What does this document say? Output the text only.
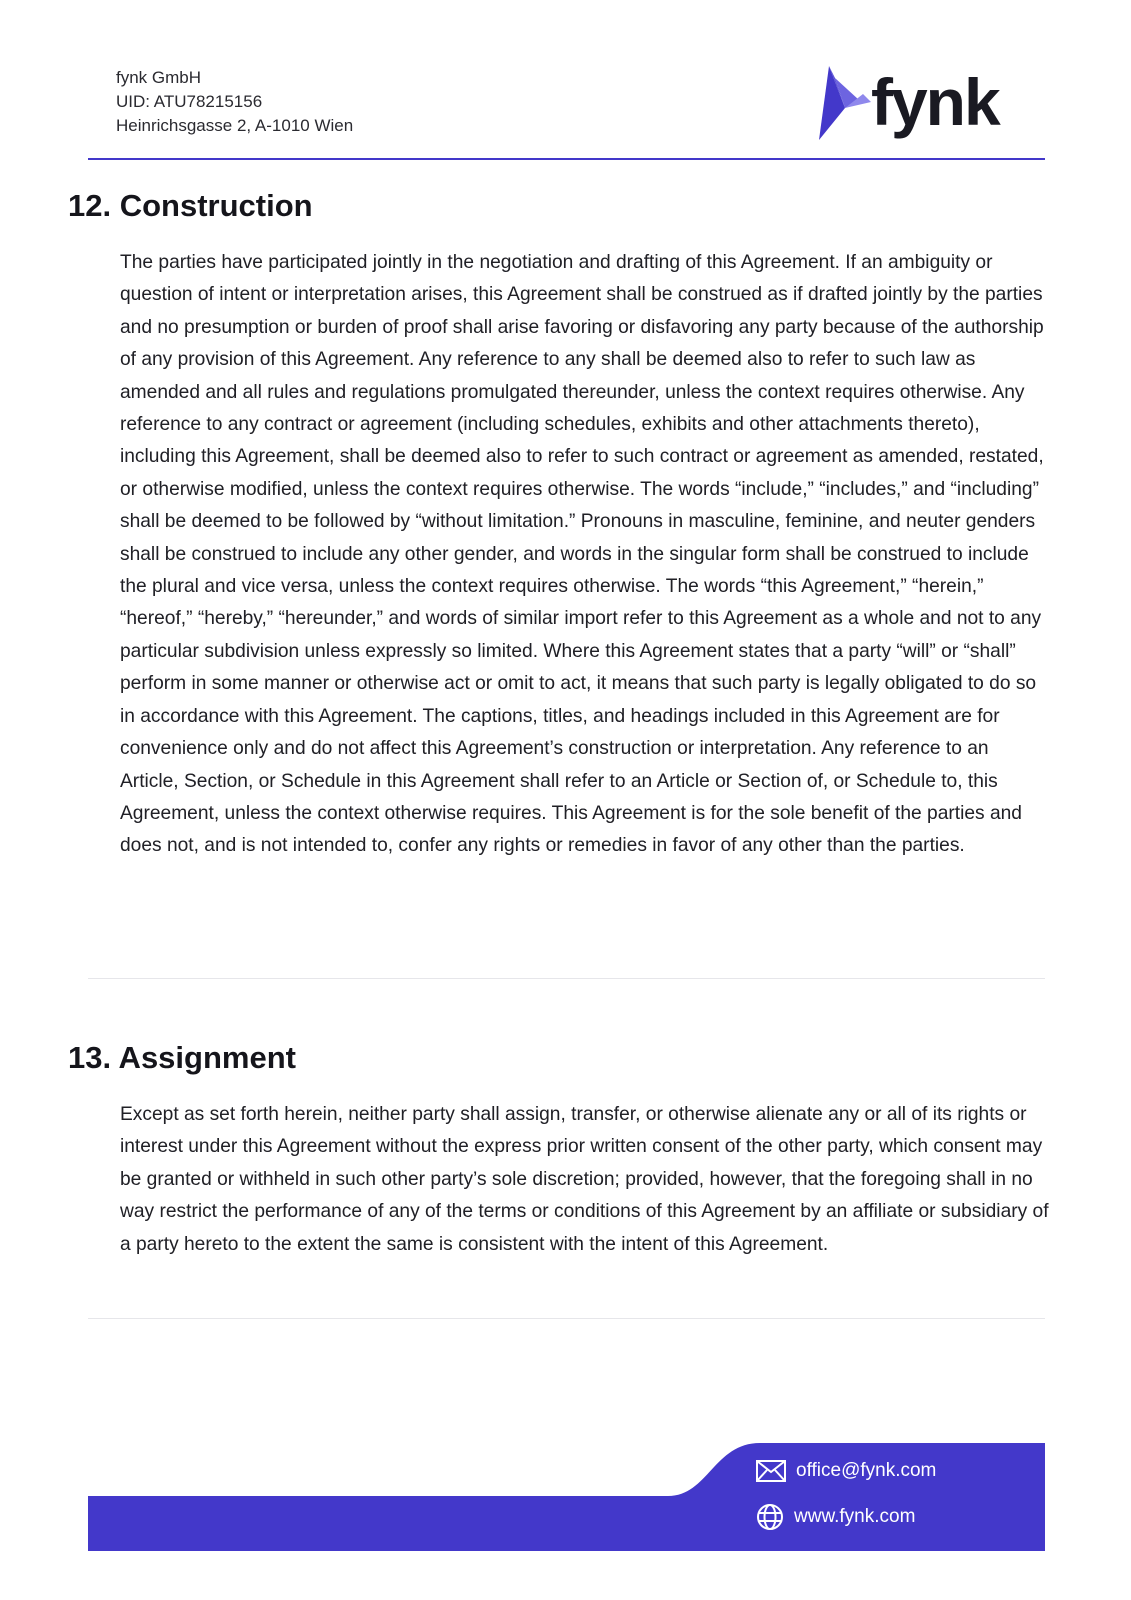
fynk GmbH
UID: ATU78215156
Heinrichsgasse 2, A-1010 Wien	fynk
12. Construction

The parties have participated jointly in the negotiation and drafting of this Agreement. If an ambiguity or question of intent or interpretation arises, this Agreement shall be construed as if drafted jointly by the parties and no presumption or burden of proof shall arise favoring or disfavoring any party because of the authorship of any provision of this Agreement. Any reference to any shall be deemed also to refer to such law as amended and all rules and regulations promulgated thereunder, unless the context requires otherwise. Any reference to any contract or agreement (including schedules, exhibits and other attachments thereto), including this Agreement, shall be deemed also to refer to such contract or agreement as amended, restated, or otherwise modified, unless the context requires otherwise. The words “include,” “includes,” and “including” shall be deemed to be followed by “without limitation.” Pronouns in masculine, feminine, and neuter genders shall be construed to include any other gender, and words in the singular form shall be construed to include the plural and vice versa, unless the context requires otherwise. The words “this Agreement,” “herein,” “hereof,” “hereby,” “hereunder,” and words of similar import refer to this Agreement as a whole and not to any particular subdivision unless expressly so limited. Where this Agreement states that a party “will” or “shall” perform in some manner or otherwise act or omit to act, it means that such party is legally obligated to do so in accordance with this Agreement. The captions, titles, and headings included in this Agreement are for convenience only and do not affect this Agreement’s construction or interpretation. Any reference to an Article, Section, or Schedule in this Agreement shall refer to an Article or Section of, or Schedule to, this Agreement, unless the context otherwise requires. This Agreement is for the sole benefit of the parties and does not, and is not intended to, confer any rights or remedies in favor of any other than the parties.

13. Assignment

Except as set forth herein, neither party shall assign, transfer, or otherwise alienate any or all of its rights or interest under this Agreement without the express prior written consent of the other party, which consent may be granted or withheld in such other party’s sole discretion; provided, however, that the foregoing shall in no way restrict the performance of any of the terms or conditions of this Agreement by an affiliate or subsidiary of a party hereto to the extent the same is consistent with the intent of this Agreement.

office@fynk.com
www.fynk.com
